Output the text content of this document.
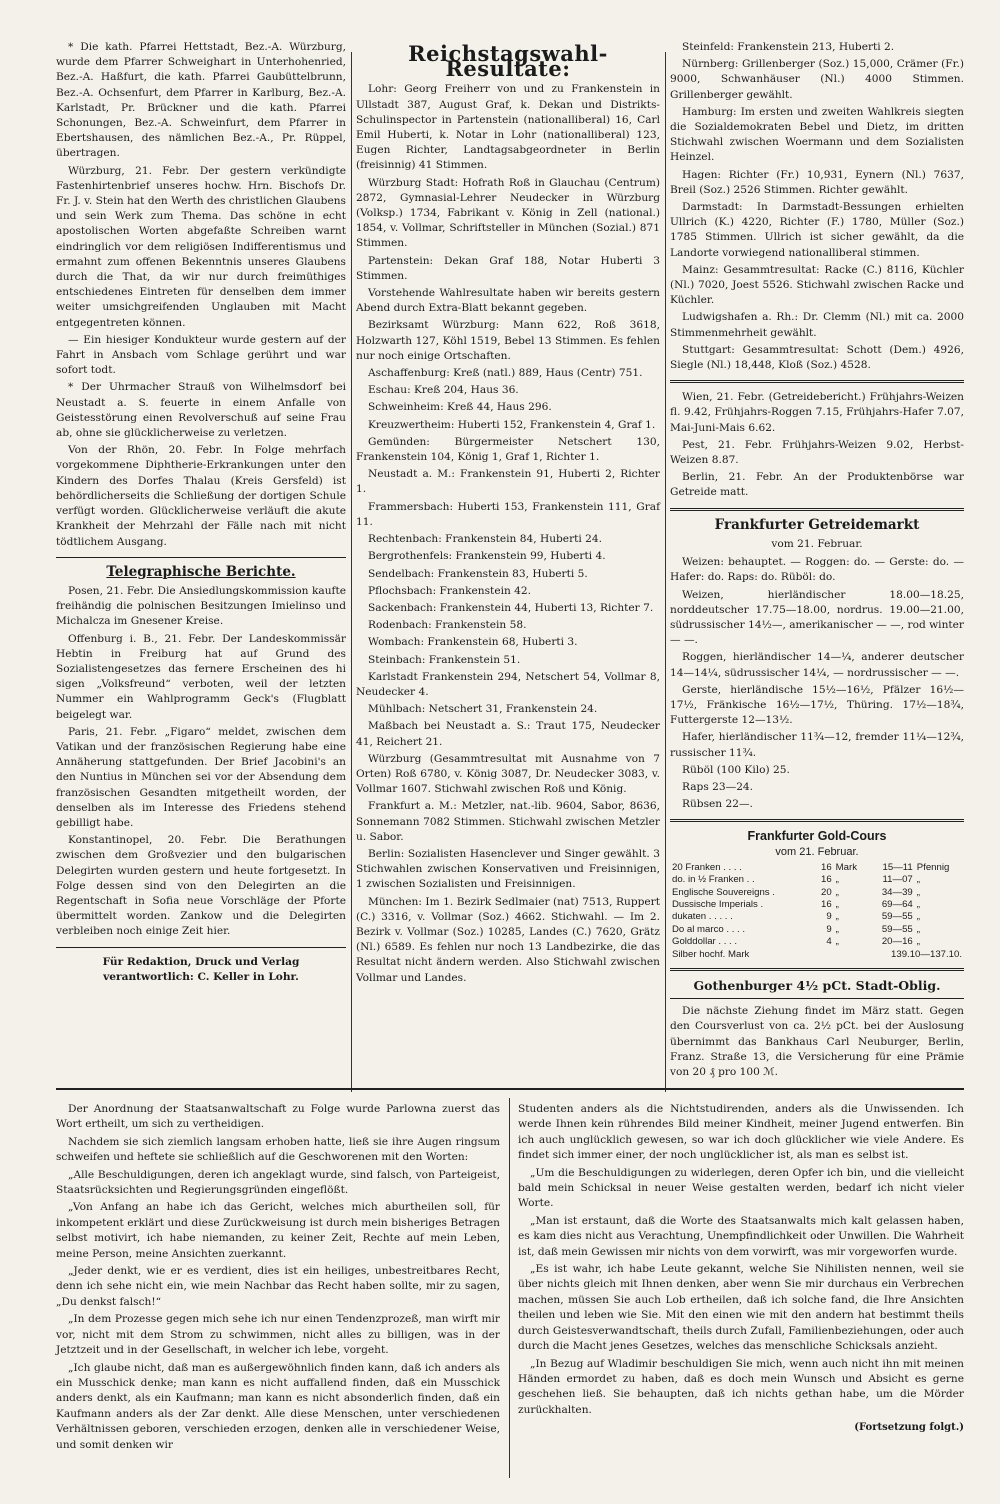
* Die kath. Pfarrei Hettstadt, Bez.-A. Würzburg, wurde dem Pfarrer Schweighart in Unterhohenried, Bez.-A. Haßfurt, die kath. Pfarrei Gaubüttelbrunn, Bez.-A. Ochsenfurt, dem Pfarrer in Karlburg, Bez.-A. Karlstadt, Pr. Brückner und die kath. Pfarrei Schonungen, Bez.-A. Schweinfurt, dem Pfarrer in Ebertshausen, des nämlichen Bez.-A., Pr. Rüppel, übertragen.

Würzburg, 21. Febr. Der gestern verkündigte Fastenhirtenbrief unseres hochw. Hrn. Bischofs Dr. Fr. J. v. Stein hat den Werth des christlichen Glaubens und sein Werk zum Thema. Das schöne in echt apostolischen Worten abgefaßte Schreiben warnt eindringlich vor dem religiösen Indifferentismus und ermahnt zum offenen Bekenntnis unseres Glaubens durch die That, da wir nur durch freimüthiges entschiedenes Eintreten für denselben dem immer weiter umsichgreifenden Unglauben mit Macht entgegentreten können.

— Ein hiesiger Kondukteur wurde gestern auf der Fahrt in Ansbach vom Schlage gerührt und war sofort todt.

* Der Uhrmacher Strauß von Wilhelmsdorf bei Neustadt a. S. feuerte in einem Anfalle von Geistesstörung einen Revolverschuß auf seine Frau ab, ohne sie glücklicherweise zu verletzen.

Von der Rhön, 20. Febr. In Folge mehrfach vorgekommene Diphtherie-Erkrankungen unter den Kindern des Dorfes Thalau (Kreis Gersfeld) ist behördlicherseits die Schließung der dortigen Schule verfügt worden. Glücklicherweise verläuft die akute Krankheit der Mehrzahl der Fälle nach mit nicht tödtlichem Ausgang.

Telegraphische Berichte.

Posen, 21. Febr. Die Ansiedlungskommission kaufte freihändig die polnischen Besitzungen Imielinso und Michalcza im Gnesener Kreise.

Offenburg i. B., 21. Febr. Der Landeskommissär Hebtin in Freiburg hat auf Grund des Sozialistengesetzes das fernere Erscheinen des hi sigen „Volksfreund“ verboten, weil der letzten Nummer ein Wahlprogramm Geck's (Flugblatt beigelegt war.

Paris, 21. Febr. „Figaro“ meldet, zwischen dem Vatikan und der französischen Regierung habe eine Annäherung stattgefunden. Der Brief Jacobini's an den Nuntius in München sei vor der Absendung dem französischen Gesandten mitgetheilt worden, der denselben als im Interesse des Friedens stehend gebilligt habe.

Konstantinopel, 20. Febr. Die Berathungen zwischen dem Großvezier und den bulgarischen Delegirten wurden gestern und heute fortgesetzt. In Folge dessen sind von den Delegirten an die Regentschaft in Sofia neue Vorschläge der Pforte übermittelt worden. Zankow und die Delegirten verbleiben noch einige Zeit hier.

Für Redaktion, Druck und Verlag verantwortlich: C. Keller in Lohr.

Reichstagswahl-Resultate:

Lohr: Georg Freiherr von und zu Frankenstein in Ullstadt 387, August Graf, k. Dekan und Distrikts-Schulinspector in Partenstein (nationalliberal) 16, Carl Emil Huberti, k. Notar in Lohr (nationalliberal) 123, Eugen Richter, Landtagsabgeordneter in Berlin (freisinnig) 41 Stimmen.

Würzburg Stadt: Hofrath Roß in Glauchau (Centrum) 2872, Gymnasial-Lehrer Neudecker in Würzburg (Volksp.) 1734, Fabrikant v. König in Zell (national.) 1854, v. Vollmar, Schriftsteller in München (Sozial.) 871 Stimmen.

Partenstein: Dekan Graf 188, Notar Huberti 3 Stimmen.

Vorstehende Wahlresultate haben wir bereits gestern Abend durch Extra-Blatt bekannt gegeben.

Bezirksamt Würzburg: Mann 622, Roß 3618, Holzwarth 127, Köhl 1519, Bebel 13 Stimmen. Es fehlen nur noch einige Ortschaften.

Aschaffenburg: Kreß (natl.) 889, Haus (Centr) 751.

Eschau: Kreß 204, Haus 36.

Schweinheim: Kreß 44, Haus 296.

Kreuzwertheim: Huberti 152, Frankenstein 4, Graf 1.

Gemünden: Bürgermeister Netschert 130, Frankenstein 104, König 1, Graf 1, Richter 1.

Neustadt a. M.: Frankenstein 91, Huberti 2, Richter 1.

Frammersbach: Huberti 153, Frankenstein 111, Graf 11.

Rechtenbach: Frankenstein 84, Huberti 24.

Bergrothenfels: Frankenstein 99, Huberti 4.

Sendelbach: Frankenstein 83, Huberti 5.

Pflochsbach: Frankenstein 42.

Sackenbach: Frankenstein 44, Huberti 13, Richter 7.

Rodenbach: Frankenstein 58.

Wombach: Frankenstein 68, Huberti 3.

Steinbach: Frankenstein 51.

Karlstadt Frankenstein 294, Netschert 54, Vollmar 8, Neudecker 4.

Mühlbach: Netschert 31, Frankenstein 24.

Maßbach bei Neustadt a. S.: Traut 175, Neudecker 41, Reichert 21.

Würzburg (Gesammtresultat mit Ausnahme von 7 Orten) Roß 6780, v. König 3087, Dr. Neudecker 3083, v. Vollmar 1607. Stichwahl zwischen Roß und König.

Frankfurt a. M.: Metzler, nat.-lib. 9604, Sabor, 8636, Sonnemann 7082 Stimmen. Stichwahl zwischen Metzler u. Sabor.

Berlin: Sozialisten Hasenclever und Singer gewählt. 3 Stichwahlen zwischen Konservativen und Freisinnigen, 1 zwischen Sozialisten und Freisinnigen.

München: Im 1. Bezirk Sedlmaier (nat) 7513, Ruppert (C.) 3316, v. Vollmar (Soz.) 4662. Stichwahl. — Im 2. Bezirk v. Vollmar (Soz.) 10285, Landes (C.) 7620, Grätz (Nl.) 6589. Es fehlen nur noch 13 Landbezirke, die das Resultat nicht ändern werden. Also Stichwahl zwischen Vollmar und Landes.

Steinfeld: Frankenstein 213, Huberti 2.

Nürnberg: Grillenberger (Soz.) 15,000, Crämer (Fr.) 9000, Schwanhäuser (Nl.) 4000 Stimmen. Grillenberger gewählt.

Hamburg: Im ersten und zweiten Wahlkreis siegten die Sozialdemokraten Bebel und Dietz, im dritten Stichwahl zwischen Woermann und dem Sozialisten Heinzel.

Hagen: Richter (Fr.) 10,931, Eynern (Nl.) 7637, Breil (Soz.) 2526 Stimmen. Richter gewählt.

Darmstadt: In Darmstadt-Bessungen erhielten Ullrich (K.) 4220, Richter (F.) 1780, Müller (Soz.) 1785 Stimmen. Ullrich ist sicher gewählt, da die Landorte vorwiegend nationalliberal stimmen.

Mainz: Gesammtresultat: Racke (C.) 8116, Küchler (Nl.) 7020, Joest 5526. Stichwahl zwischen Racke und Küchler.

Ludwigshafen a. Rh.: Dr. Clemm (Nl.) mit ca. 2000 Stimmenmehrheit gewählt.

Stuttgart: Gesammtresultat: Schott (Dem.) 4926, Siegle (Nl.) 18,448, Kloß (Soz.) 4528.

Wien, 21. Febr. (Getreidebericht.) Frühjahrs-Weizen fl. 9.42, Frühjahrs-Roggen 7.15, Frühjahrs-Hafer 7.07, Mai-Juni-Mais 6.62.

Pest, 21. Febr. Frühjahrs-Weizen 9.02, Herbst-Weizen 8.87.

Berlin, 21. Febr. An der Produktenbörse war Getreide matt.

Frankfurter Getreidemarkt
vom 21. Februar.

Weizen: behauptet. — Roggen: do. — Gerste: do. — Hafer: do. Raps: do. Rüböl: do.

Weizen, hierländischer 18.00—18.25, norddeutscher 17.75—18.00, nordrus. 19.00—21.00, südrussischer 14½—, amerikanischer — —, rod winter — —.

Roggen, hierländischer 14—¼, anderer deutscher 14—14¼, südrussischer 14¼, — nordrussischer — —.

Gerste, hierländische 15½—16½, Pfälzer 16½—17½, Fränkische 16½—17½, Thüring. 17½—18¾, Futtergerste 12—13½.

Hafer, hierländischer 11¾—12, fremder 11¼—12¾, russischer 11¾.

Rüböl (100 Kilo) 25.

Raps 23—24.

Rübsen 22—.

Frankfurter Gold-Cours
vom 21. Februar.
20 Franken . . . .	16	Mark	15—11	Pfennig
do. in ½ Franken . .	16	„	11—07	„
Englische Souvereigns .	20	„	34—39	„
Dussische Imperials .	16	„	69—64	„
dukaten . . . . .	9	„	59—55	„
Do al marco . . . .	9	„	59—55	„
Golddollar . . . .	4	„	20—16	„
Silber hochf. Mark	139.10—137.10.			
Gothenburger 4½ pCt. Stadt-Oblig.

Die nächste Ziehung findet im März statt. Gegen den Coursverlust von ca. 2½ pCt. bei der Auslosung übernimmt das Bankhaus Carl Neuburger, Berlin, Franz. Straße 13, die Versicherung für eine Prämie von 20 ₰ pro 100 ℳ.

Der Anordnung der Staatsanwaltschaft zu Folge wurde Parlowna zuerst das Wort ertheilt, um sich zu vertheidigen.

Nachdem sie sich ziemlich langsam erhoben hatte, ließ sie ihre Augen ringsum schweifen und heftete sie schließlich auf die Geschworenen mit den Worten:

„Alle Beschuldigungen, deren ich angeklagt wurde, sind falsch, von Parteigeist, Staatsrücksichten und Regierungsgründen eingeflößt.

„Von Anfang an habe ich das Gericht, welches mich aburtheilen soll, für inkompetent erklärt und diese Zurückweisung ist durch mein bisheriges Betragen selbst motivirt, ich habe niemanden, zu keiner Zeit, Rechte auf mein Leben, meine Person, meine Ansichten zuerkannt.

„Jeder denkt, wie er es verdient, dies ist ein heiliges, unbestreitbares Recht, denn ich sehe nicht ein, wie mein Nachbar das Recht haben sollte, mir zu sagen, „Du denkst falsch!“

„In dem Prozesse gegen mich sehe ich nur einen Tendenzprozeß, man wirft mir vor, nicht mit dem Strom zu schwimmen, nicht alles zu billigen, was in der Jetztzeit und in der Gesellschaft, in welcher ich lebe, vorgeht.

„Ich glaube nicht, daß man es außergewöhnlich finden kann, daß ich anders als ein Musschick denke; man kann es nicht auffallend finden, daß ein Musschick anders denkt, als ein Kaufmann; man kann es nicht absonderlich finden, daß ein Kaufmann anders als der Zar denkt. Alle diese Menschen, unter verschiedenen Verhältnissen geboren, verschieden erzogen, denken alle in verschiedener Weise, und somit denken wir

Studenten anders als die Nichtstudirenden, anders als die Unwissenden. Ich werde Ihnen kein rührendes Bild meiner Kindheit, meiner Jugend entwerfen. Bin ich auch unglücklich gewesen, so war ich doch glücklicher wie viele Andere. Es findet sich immer einer, der noch unglücklicher ist, als man es selbst ist.

„Um die Beschuldigungen zu widerlegen, deren Opfer ich bin, und die vielleicht bald mein Schicksal in neuer Weise gestalten werden, bedarf ich nicht vieler Worte.

„Man ist erstaunt, daß die Worte des Staatsanwalts mich kalt gelassen haben, es kam dies nicht aus Verachtung, Unempfindlichkeit oder Unwillen. Die Wahrheit ist, daß mein Gewissen mir nichts von dem vorwirft, was mir vorgeworfen wurde.

„Es ist wahr, ich habe Leute gekannt, welche Sie Nihilisten nennen, weil sie über nichts gleich mit Ihnen denken, aber wenn Sie mir durchaus ein Verbrechen machen, müssen Sie auch Lob ertheilen, daß ich solche fand, die Ihre Ansichten theilen und leben wie Sie. Mit den einen wie mit den andern hat bestimmt theils durch Geistesverwandtschaft, theils durch Zufall, Familienbeziehungen, oder auch durch die Macht jenes Gesetzes, welches das menschliche Schicksals anzieht.

„In Bezug auf Wladimir beschuldigen Sie mich, wenn auch nicht ihn mit meinen Händen ermordet zu haben, daß es doch mein Wunsch und Absicht es gerne geschehen ließ. Sie behaupten, daß ich nichts gethan habe, um die Mörder zurückhalten.

(Fortsetzung folgt.)
